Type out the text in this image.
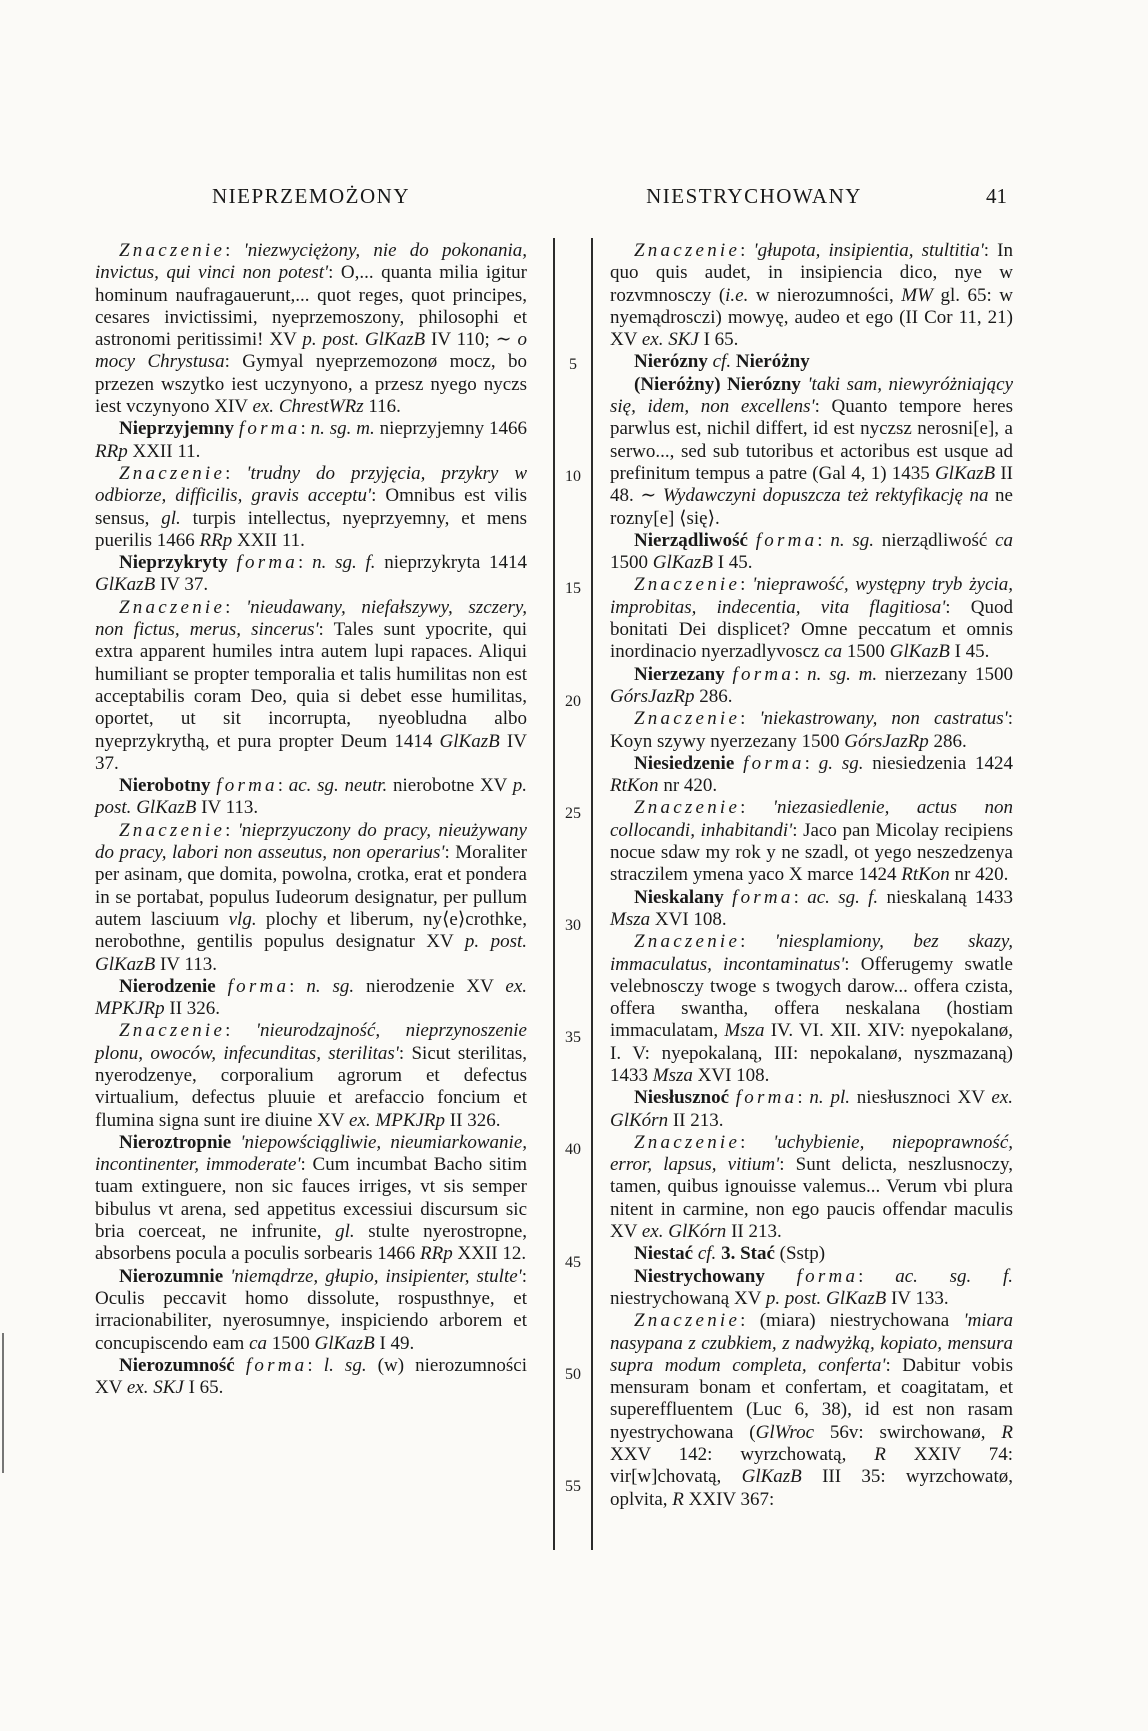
NIEPRZEMOŻONY	NIESTRYCHOWANY	41
5
10
15
20
25
30
35
40
45
50
55

Znaczenie: 'niezwyciężony, nie do pokonania, invictus, qui vinci non potest': O,... quanta milia igitur hominum naufragauerunt,... quot reges, quot principes, cesares invictissimi, nyeprzemoszony, philosophi et astronomi peritissimi! XV p. post. GlKazB IV 110; ∼ o mocy Chrystusa: Gymyal nyeprzemozonø mocz, bo przezen wszytko iest uczynyono, a przesz nyego nyczs iest vczynyono XIV ex. ChrestWRz 116.

Nieprzyjemny forma: n. sg. m. nieprzyjemny 1466 RRp XXII 11.

Znaczenie: 'trudny do przyjęcia, przykry w odbiorze, difficilis, gravis acceptu': Omnibus est vilis sensus, gl. turpis intellectus, nyeprzyemny, et mens puerilis 1466 RRp XXII 11.

Nieprzykryty forma: n. sg. f. nieprzykryta 1414 GlKazB IV 37.

Znaczenie: 'nieudawany, niefałszywy, szczery, non fictus, merus, sincerus': Tales sunt ypocrite, qui extra apparent humiles intra autem lupi rapaces. Aliqui humiliant se propter temporalia et talis humilitas non est acceptabilis coram Deo, quia si debet esse humilitas, oportet, ut sit incorrupta, nyeobludna albo nyeprzykrythą, et pura propter Deum 1414 GlKazB IV 37.

Nierobotny forma: ac. sg. neutr. nierobotne XV p. post. GlKazB IV 113.

Znaczenie: 'nieprzyuczony do pracy, nieużywany do pracy, labori non asseutus, non operarius': Moraliter per asinam, que domita, powolna, crotka, erat et pondera in se portabat, populus Iudeorum designatur, per pullum autem lasciuum vlg. plochy et liberum, ny⟨e⟩crothke, nerobothne, gentilis populus designatur XV p. post. GlKazB IV 113.

Nierodzenie forma: n. sg. nierodzenie XV ex. MPKJRp II 326.

Znaczenie: 'nieurodzajność, nieprzynoszenie plonu, owoców, infecunditas, sterilitas': Sicut sterilitas, nyerodzenye, corporalium agrorum et defectus virtualium, defectus pluuie et arefaccio foncium et flumina signa sunt ire diuine XV ex. MPKJRp II 326.

Nieroztropnie 'niepowściągliwie, nieumiarkowanie, incontinenter, immoderate': Cum incumbat Bacho sitim tuam extinguere, non sic fauces irriges, vt sis semper bibulus vt arena, sed appetitus excessiui discursum sic bria coerceat, ne infrunite, gl. stulte nyerostropne, absorbens pocula a poculis sorbearis 1466 RRp XXII 12.

Nierozumnie 'niemądrze, głupio, insipienter, stulte': Oculis peccavit homo dissolute, rospusthnye, et irracionabiliter, nyerosumnye, inspiciendo arborem et concupiscendo eam ca 1500 GlKazB I 49.

Nierozumność forma: l. sg. (w) nierozumności XV ex. SKJ I 65.

Znaczenie: 'głupota, insipientia, stultitia': In quo quis audet, in insipiencia dico, nye w rozvmnosczy (i.e. w nierozumności, MW gl. 65: w nyemądrosczi) mowyę, audeo et ego (II Cor 11, 21) XV ex. SKJ I 65.

Nierózny cf. Nieróżny

(Nieróżny) Nierózny 'taki sam, niewyróżniający się, idem, non excellens': Quanto tempore heres parwlus est, nichil differt, id est nyczsz nerosni[e], a serwo..., sed sub tutoribus et actoribus est usque ad prefinitum tempus a patre (Gal 4, 1) 1435 GlKazB II 48. ∼ Wydawczyni dopuszcza też rektyfikację na ne rozny[e] ⟨się⟩.

Nierządliwość forma: n. sg. nierządliwość ca 1500 GlKazB I 45.

Znaczenie: 'nieprawość, występny tryb życia, improbitas, indecentia, vita flagitiosa': Quod bonitati Dei displicet? Omne peccatum et omnis inordinacio nyerzadlyvoscz ca 1500 GlKazB I 45.

Nierzezany forma: n. sg. m. nierzezany 1500 GórsJazRp 286.

Znaczenie: 'niekastrowany, non castratus': Koyn szywy nyerzezany 1500 GórsJazRp 286.

Niesiedzenie forma: g. sg. niesiedzenia 1424 RtKon nr 420.

Znaczenie: 'niezasiedlenie, actus non collocandi, inhabitandi': Jaco pan Micolay recipiens nocue sdaw my rok y ne szadl, ot yego neszedzenya straczilem ymena yaco X marce 1424 RtKon nr 420.

Nieskalany forma: ac. sg. f. nieskalaną 1433 Msza XVI 108.

Znaczenie: 'niesplamiony, bez skazy, immaculatus, incontaminatus': Offerugemy swatle velebnosczy twoge s twogych darow... offera czista, offera swantha, offera neskalana (hostiam immaculatam, Msza IV. VI. XII. XIV: nyepokalanø, I. V: nyepokalaną, III: nepokalanø, nyszmazaną) 1433 Msza XVI 108.

Niesłusznoć forma: n. pl. niesłusznoci XV ex. GlKórn II 213.

Znaczenie: 'uchybienie, niepoprawność, error, lapsus, vitium': Sunt delicta, neszlusnoczy, tamen, quibus ignouisse valemus... Verum vbi plura nitent in carmine, non ego paucis offendar maculis XV ex. GlKórn II 213.

Niestać cf. 3. Stać (Sstp)

Niestrychowany forma: ac. sg. f. niestrychowaną XV p. post. GlKazB IV 133.

Znaczenie: (miara) niestrychowana 'miara nasypana z czubkiem, z nadwyżką, kopiato, mensura supra modum completa, conferta': Dabitur vobis mensuram bonam et confertam, et coagitatam, et supereffluentem (Luc 6, 38), id est non rasam nyestrychowana (GlWroc 56v: swirchowanø, R XXV 142: wyrzchowatą, R XXIV 74: vir[w]chovatą, GlKazB III 35: wyrzchowatø, oplvita, R XXIV 367:
